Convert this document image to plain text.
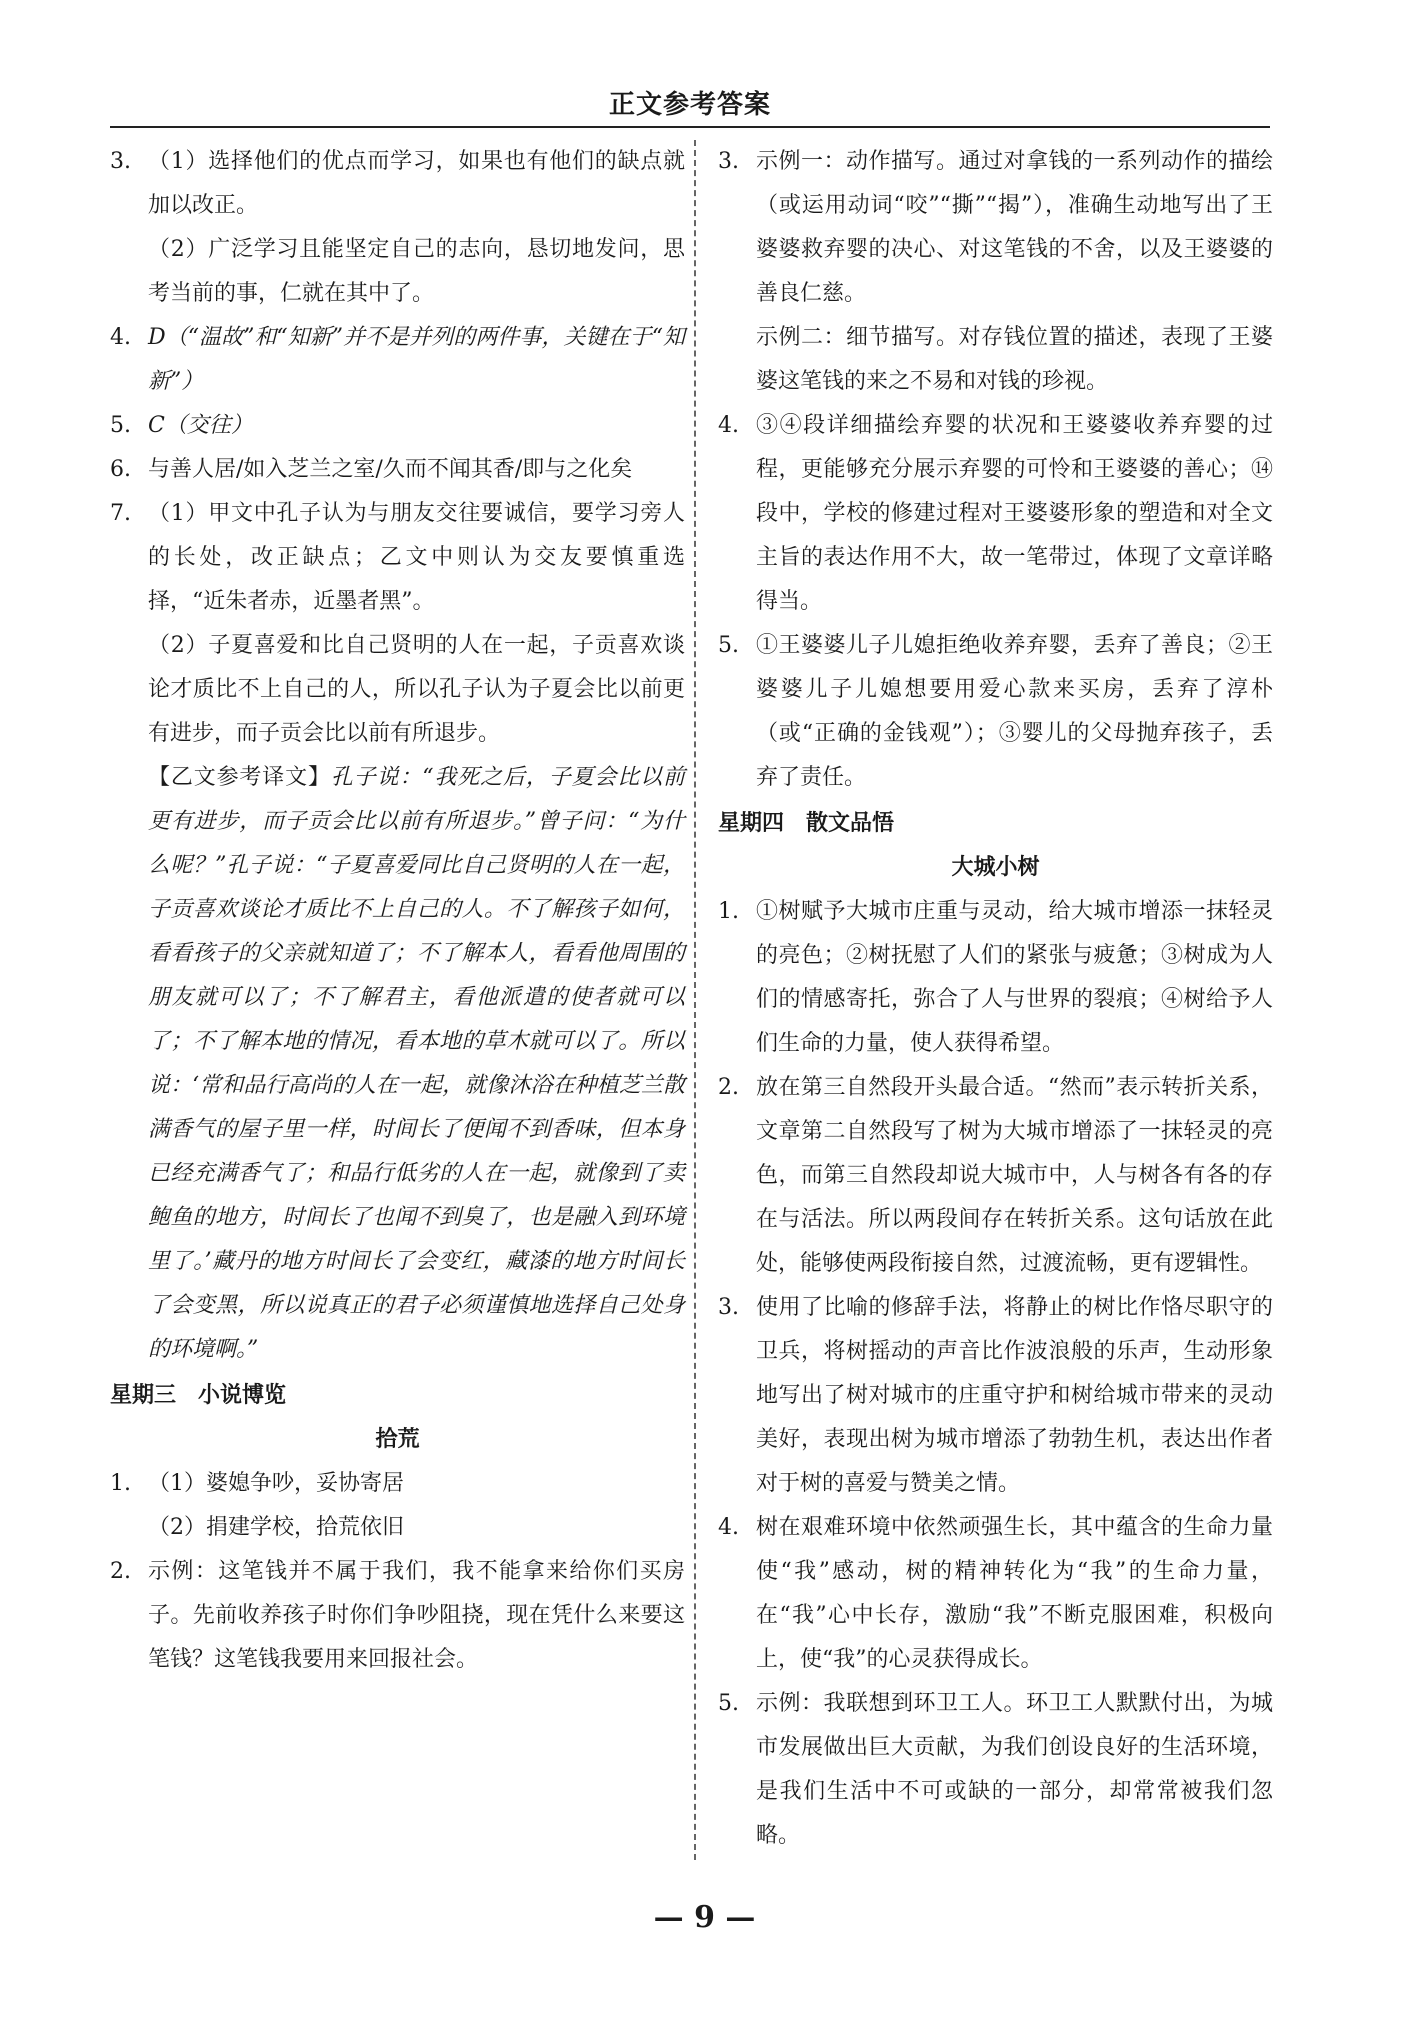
正文参考答案
3. （1）选择他们的优点而学习，如果也有他们的缺点就加以改正。
（2）广泛学习且能坚定自己的志向，恳切地发问，思考当前的事，仁就在其中了。
4. D（“温故”和“知新”并不是并列的两件事，关键在于“知新”）
5. C（交往）
6. 与善人居/如入芝兰之室/久而不闻其香/即与之化矣
7. （1）甲文中孔子认为与朋友交往要诚信，要学习旁人的长处，改正缺点；乙文中则认为交友要慎重选择，“近朱者赤，近墨者黑”。
（2）子夏喜爱和比自己贤明的人在一起，子贡喜欢谈论才质比不上自己的人，所以孔子认为子夏会比以前更有进步，而子贡会比以前有所退步。
【乙文参考译文】孔子说：“我死之后，子夏会比以前更有进步，而子贡会比以前有所退步。”曾子问：“为什么呢？”孔子说：“子夏喜爱同比自己贤明的人在一起，子贡喜欢谈论才质比不上自己的人。不了解孩子如何，看看孩子的父亲就知道了；不了解本人，看看他周围的朋友就可以了；不了解君主，看他派遣的使者就可以了；不了解本地的情况，看本地的草木就可以了。所以说：‘常和品行高尚的人在一起，就像沐浴在种植芝兰散满香气的屋子里一样，时间长了便闻不到香味，但本身已经充满香气了；和品行低劣的人在一起，就像到了卖鲍鱼的地方，时间长了也闻不到臭了，也是融入到环境里了。’藏丹的地方时间长了会变红，藏漆的地方时间长了会变黑，所以说真正的君子必须谨慎地选择自己处身的环境啊。”
星期三　小说博览
拾荒
1. （1）婆媳争吵，妥协寄居
（2）捐建学校，拾荒依旧
2. 示例：这笔钱并不属于我们，我不能拿来给你们买房子。先前收养孩子时你们争吵阻挠，现在凭什么来要这笔钱？这笔钱我要用来回报社会。
3. 示例一：动作描写。通过对拿钱的一系列动作的描绘（或运用动词“咬”“撕”“揭”），准确生动地写出了王婆婆救弃婴的决心、对这笔钱的不舍，以及王婆婆的善良仁慈。
示例二：细节描写。对存钱位置的描述，表现了王婆婆这笔钱的来之不易和对钱的珍视。
4. ③④段详细描绘弃婴的状况和王婆婆收养弃婴的过程，更能够充分展示弃婴的可怜和王婆婆的善心；⑭段中，学校的修建过程对王婆婆形象的塑造和对全文主旨的表达作用不大，故一笔带过，体现了文章详略得当。
5. ①王婆婆儿子儿媳拒绝收养弃婴，丢弃了善良；②王婆婆儿子儿媳想要用爱心款来买房，丢弃了淳朴（或“正确的金钱观”）；③婴儿的父母抛弃孩子，丢弃了责任。
星期四　散文品悟
大城小树
1. ①树赋予大城市庄重与灵动，给大城市增添一抹轻灵的亮色；②树抚慰了人们的紧张与疲惫；③树成为人们的情感寄托，弥合了人与世界的裂痕；④树给予人们生命的力量，使人获得希望。
2. 放在第三自然段开头最合适。“然而”表示转折关系，文章第二自然段写了树为大城市增添了一抹轻灵的亮色，而第三自然段却说大城市中，人与树各有各的存在与活法。所以两段间存在转折关系。这句话放在此处，能够使两段衔接自然，过渡流畅，更有逻辑性。
3. 使用了比喻的修辞手法，将静止的树比作恪尽职守的卫兵，将树摇动的声音比作波浪般的乐声，生动形象地写出了树对城市的庄重守护和树给城市带来的灵动美好，表现出树为城市增添了勃勃生机，表达出作者对于树的喜爱与赞美之情。
4. 树在艰难环境中依然顽强生长，其中蕴含的生命力量使“我”感动，树的精神转化为“我”的生命力量，在“我”心中长存，激励“我”不断克服困难，积极向上，使“我”的心灵获得成长。
5. 示例：我联想到环卫工人。环卫工人默默付出，为城市发展做出巨大贡献，为我们创设良好的生活环境，是我们生活中不可或缺的一部分，却常常被我们忽略。
— 9 —
